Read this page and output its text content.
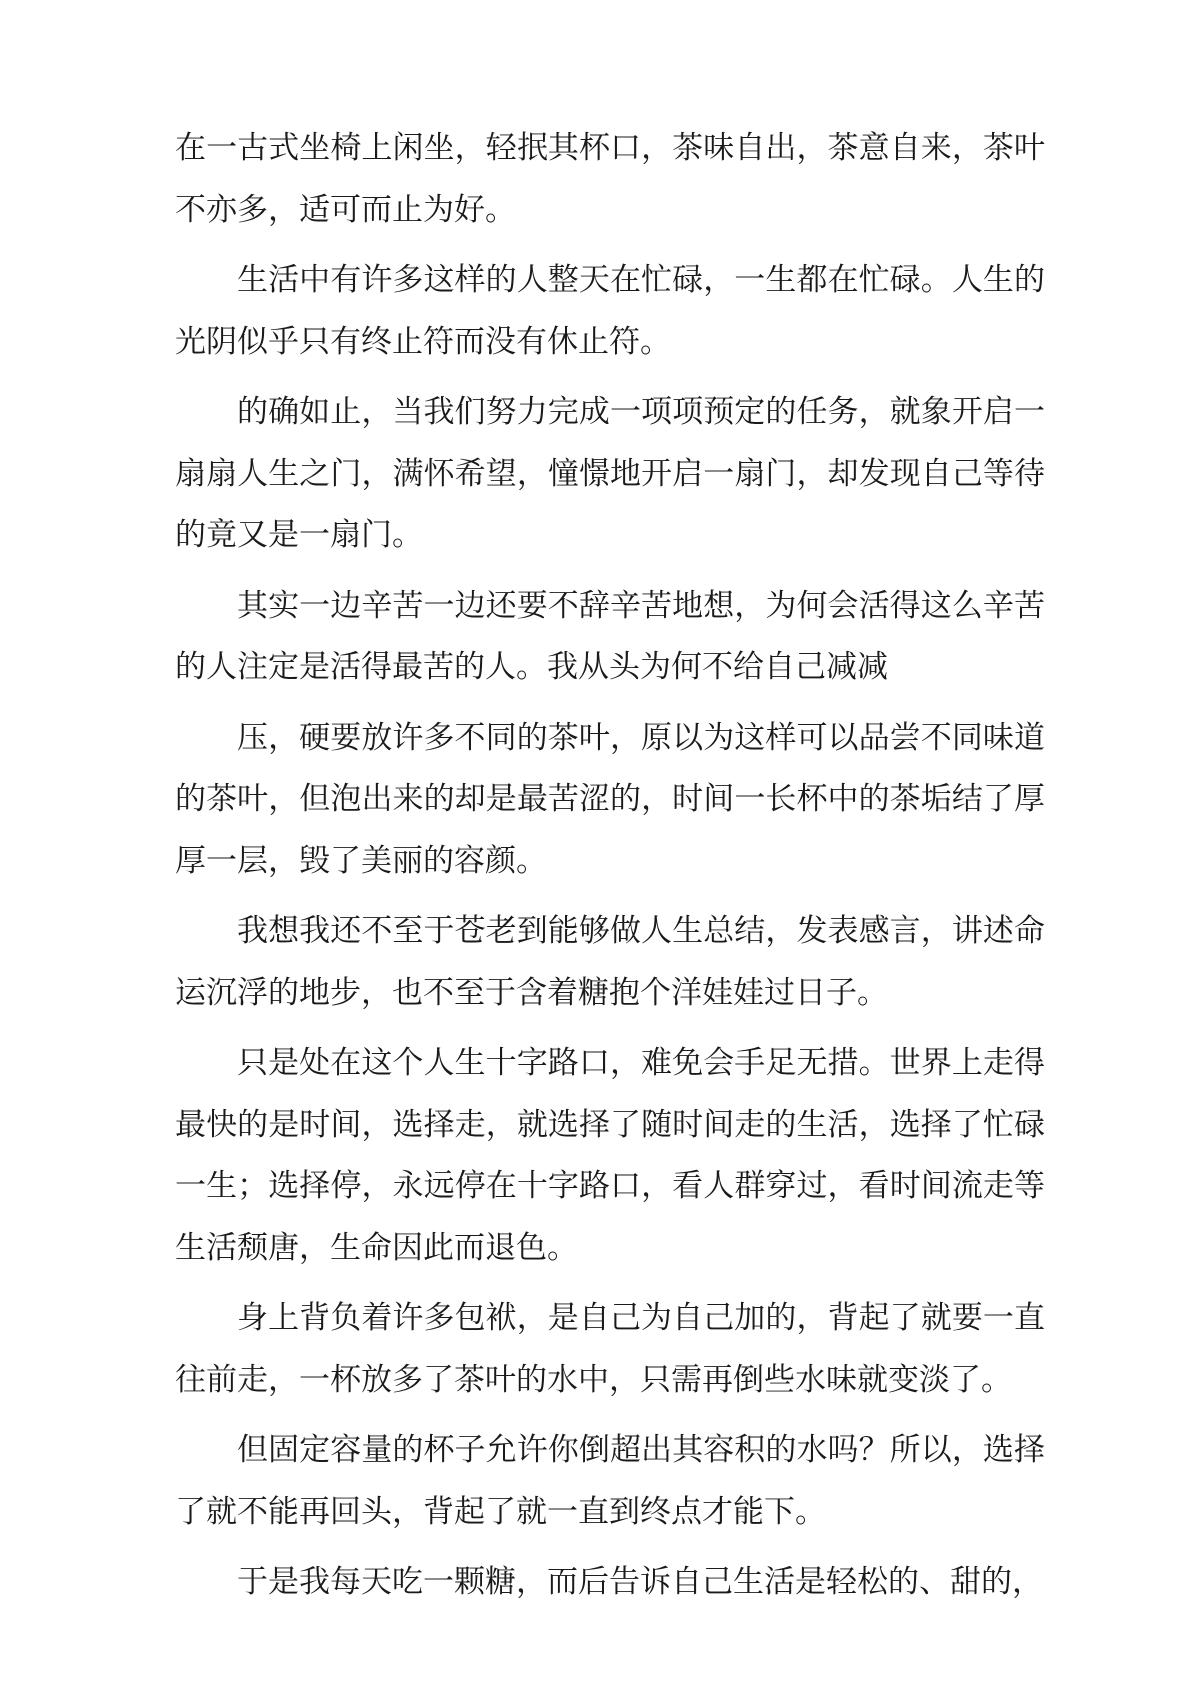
在一古式坐椅上闲坐，轻抿其杯口，茶味自出，茶意自来，茶叶不亦多，适可而止为好。

生活中有许多这样的人整天在忙碌，一生都在忙碌。人生的光阴似乎只有终止符而没有休止符。

的确如止，当我们努力完成一项项预定的任务，就象开启一扇扇人生之门，满怀希望，憧憬地开启一扇门，却发现自己等待的竟又是一扇门。

其实一边辛苦一边还要不辞辛苦地想，为何会活得这么辛苦的人注定是活得最苦的人。我从头为何不给自己减减

压，硬要放许多不同的茶叶，原以为这样可以品尝不同味道的茶叶，但泡出来的却是最苦涩的，时间一长杯中的茶垢结了厚厚一层，毁了美丽的容颜。

我想我还不至于苍老到能够做人生总结，发表感言，讲述命运沉浮的地步，也不至于含着糖抱个洋娃娃过日子。

只是处在这个人生十字路口，难免会手足无措。世界上走得最快的是时间，选择走，就选择了随时间走的生活，选择了忙碌一生；选择停，永远停在十字路口，看人群穿过，看时间流走等生活颓唐，生命因此而退色。

身上背负着许多包袱，是自己为自己加的，背起了就要一直往前走，一杯放多了茶叶的水中，只需再倒些水味就变淡了。

但固定容量的杯子允许你倒超出其容积的水吗？所以，选择了就不能再回头，背起了就一直到终点才能下。

于是我每天吃一颗糖，而后告诉自己生活是轻松的、甜的，
